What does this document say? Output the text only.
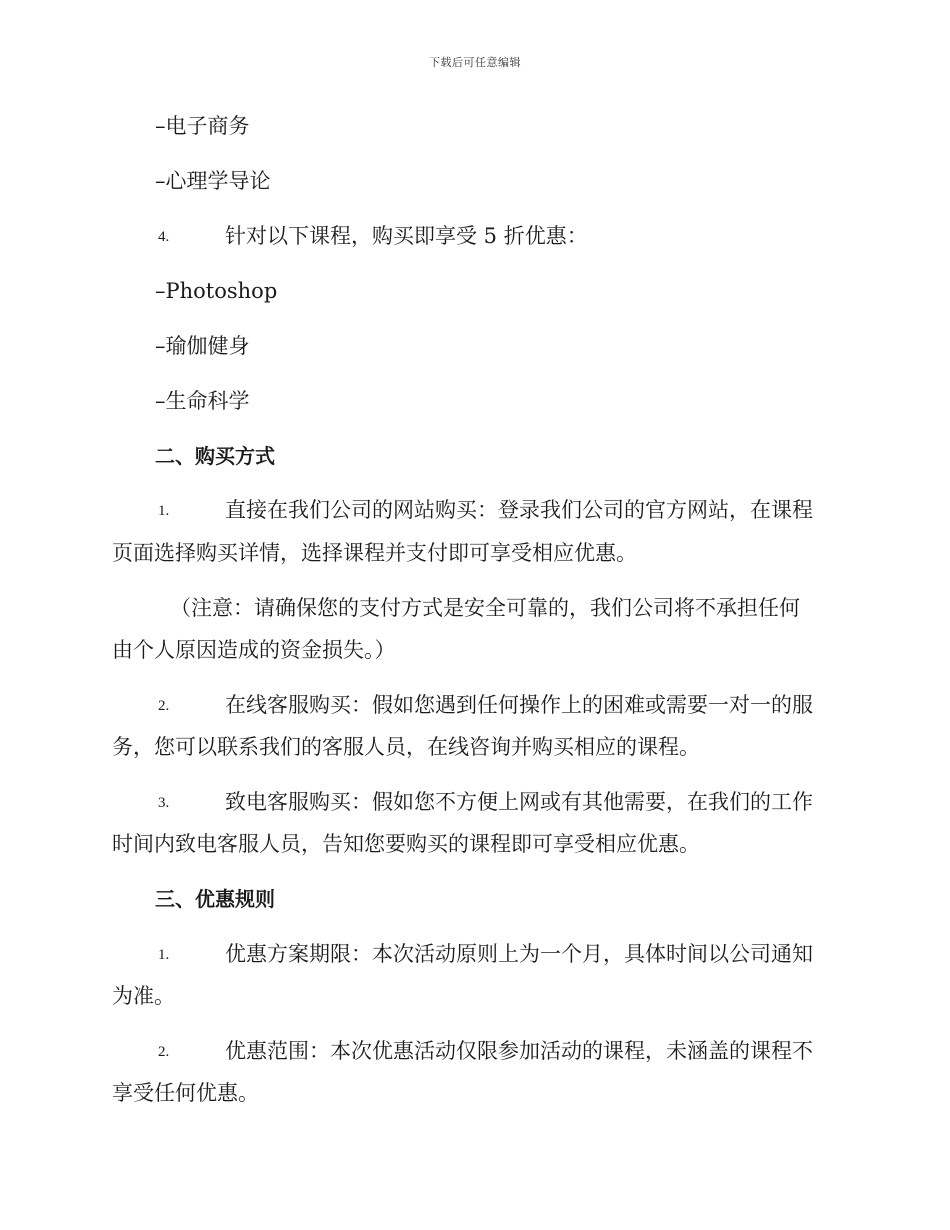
下载后可任意编辑
–电子商务
–心理学导论
4.	针对以下课程，购买即享受 5 折优惠：
–Photoshop
–瑜伽健身
–生命科学
二、购买方式
1.	直接在我们公司的网站购买：登录我们公司的官方网站，在课程
页面选择购买详情，选择课程并支付即可享受相应优惠。
（注意：请确保您的支付方式是安全可靠的，我们公司将不承担任何
由个人原因造成的资金损失。）
2.	在线客服购买：假如您遇到任何操作上的困难或需要一对一的服
务，您可以联系我们的客服人员，在线咨询并购买相应的课程。
3.	致电客服购买：假如您不方便上网或有其他需要，在我们的工作
时间内致电客服人员，告知您要购买的课程即可享受相应优惠。
三、优惠规则
1.	优惠方案期限：本次活动原则上为一个月，具体时间以公司通知
为准。
2.	优惠范围：本次优惠活动仅限参加活动的课程，未涵盖的课程不
享受任何优惠。
